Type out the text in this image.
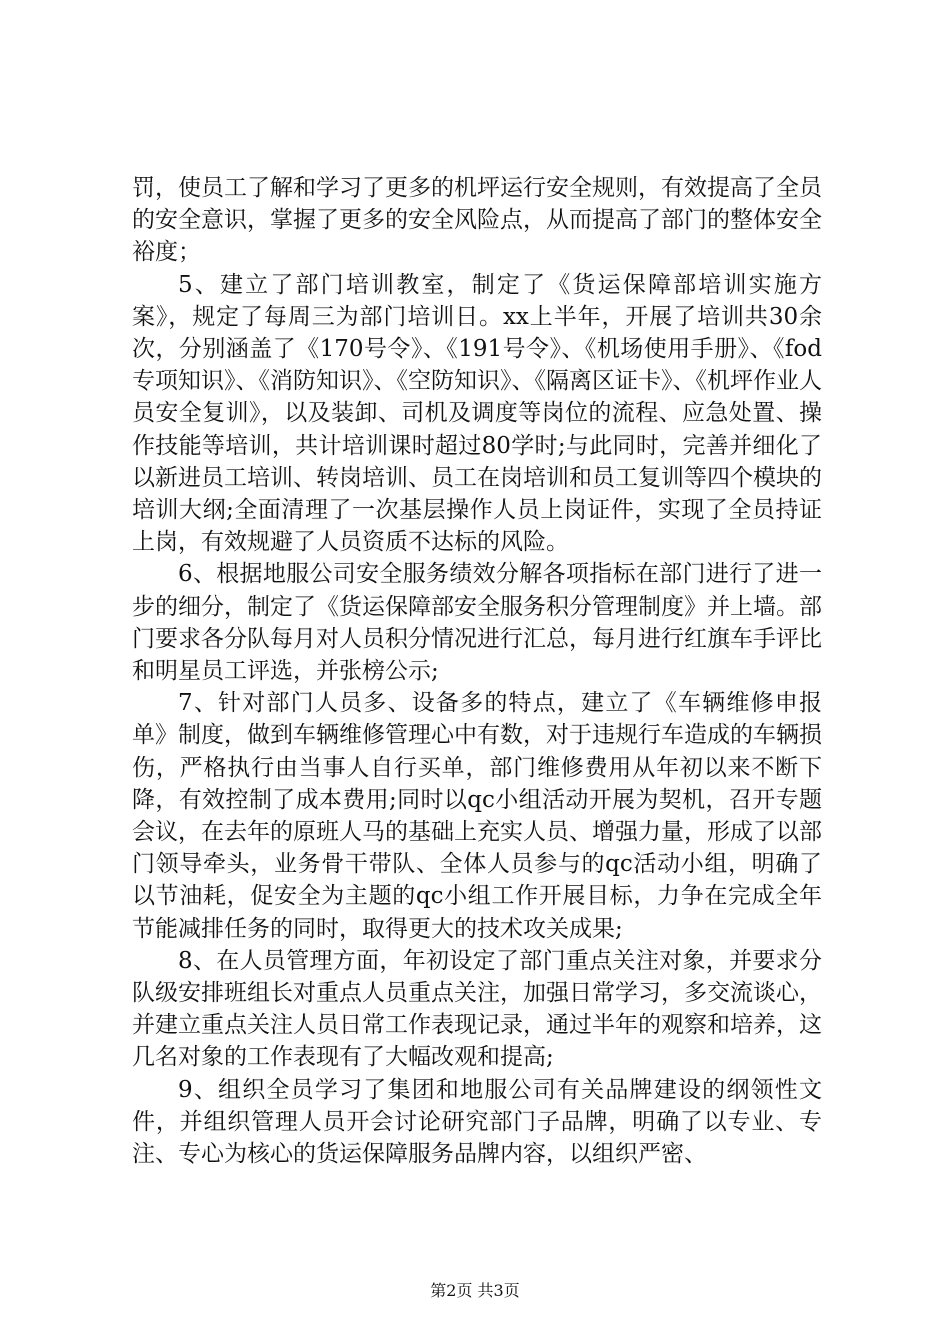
罚，使员工了解和学习了更多的机坪运行安全规则，有效提高了全员的安全意识，掌握了更多的安全风险点，从而提高了部门的整体安全裕度；

5、建立了部门培训教室，制定了《货运保障部培训实施方案》，规定了每周三为部门培训日。xx上半年，开展了培训共30余次，分别涵盖了《170号令》、《191号令》、《机场使用手册》、《fod专项知识》、《消防知识》、《空防知识》、《隔离区证卡》、《机坪作业人员安全复训》，以及装卸、司机及调度等岗位的流程、应急处置、操作技能等培训，共计培训课时超过80学时;与此同时，完善并细化了以新进员工培训、转岗培训、员工在岗培训和员工复训等四个模块的培训大纲;全面清理了一次基层操作人员上岗证件，实现了全员持证上岗，有效规避了人员资质不达标的风险。

6、根据地服公司安全服务绩效分解各项指标在部门进行了进一步的细分，制定了《货运保障部安全服务积分管理制度》并上墙。部门要求各分队每月对人员积分情况进行汇总，每月进行红旗车手评比和明星员工评选，并张榜公示;

7、针对部门人员多、设备多的特点，建立了《车辆维修申报单》制度，做到车辆维修管理心中有数，对于违规行车造成的车辆损伤，严格执行由当事人自行买单，部门维修费用从年初以来不断下降，有效控制了成本费用;同时以qc小组活动开展为契机，召开专题会议，在去年的原班人马的基础上充实人员、增强力量，形成了以部门领导牵头，业务骨干带队、全体人员参与的qc活动小组，明确了以节油耗，促安全为主题的qc小组工作开展目标，力争在完成全年节能减排任务的同时，取得更大的技术攻关成果;

8、在人员管理方面，年初设定了部门重点关注对象，并要求分队级安排班组长对重点人员重点关注，加强日常学习，多交流谈心，并建立重点关注人员日常工作表现记录，通过半年的观察和培养，这几名对象的工作表现有了大幅改观和提高;

9、组织全员学习了集团和地服公司有关品牌建设的纲领性文件，并组织管理人员开会讨论研究部门子品牌，明确了以专业、专注、专心为核心的货运保障服务品牌内容，以组织严密、

第2页 共3页
